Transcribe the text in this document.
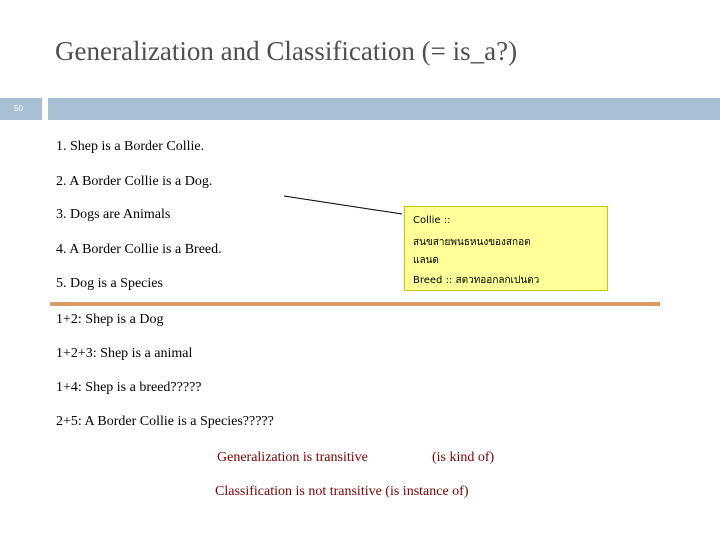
Generalization and Classification (= is_a?)
50
1. Shep is a Border Collie.
2. A Border Collie is a Dog.
3. Dogs are Animals
4. A Border Collie is a Breed.
5. Dog is a Species
Collie ::
สนขสายพนธหนงของสกอต
แลนด
Breed :: สตวทออกลกเปนตว
1+2: Shep is a Dog
1+2+3: Shep is a animal
1+4: Shep is a breed?????
2+5: A Border Collie is a Species?????
Generalization is transitive	(is kind of)
Classification is not transitive (is instance of)
